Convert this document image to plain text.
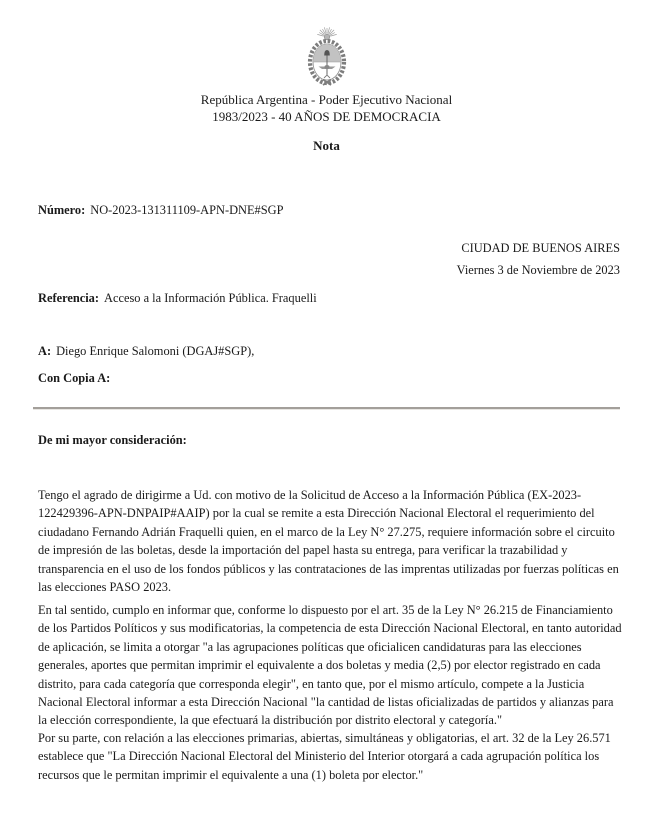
República Argentina - Poder Ejecutivo Nacional
1983/2023 - 40 AÑOS DE DEMOCRACIA
Nota
Número: NO-2023-131311109-APN-DNE#SGP
CIUDAD DE BUENOS AIRES
Viernes 3 de Noviembre de 2023
Referencia: Acceso a la Información Pública. Fraquelli
A: Diego Enrique Salomoni (DGAJ#SGP),
Con Copia A:
De mi mayor consideración:

Tengo el agrado de dirigirme a Ud. con motivo de la Solicitud de Acceso a la Información Pública (EX-2023-122429396-APN-DNPAIP#AAIP) por la cual se remite a esta Dirección Nacional Electoral el requerimiento del ciudadano Fernando Adrián Fraquelli quien, en el marco de la Ley N° 27.275, requiere información sobre el circuito de impresión de las boletas, desde la importación del papel hasta su entrega, para verificar la trazabilidad y transparencia en el uso de los fondos públicos y las contrataciones de las imprentas utilizadas por fuerzas políticas en las elecciones PASO 2023.

En tal sentido, cumplo en informar que, conforme lo dispuesto por el art. 35 de la Ley N° 26.215 de Financiamiento de los Partidos Políticos y sus modificatorias, la competencia de esta Dirección Nacional Electoral, en tanto autoridad de aplicación, se limita a otorgar "a las agrupaciones políticas que oficialicen candidaturas para las elecciones generales, aportes que permitan imprimir el equivalente a dos boletas y media (2,5) por elector registrado en cada distrito, para cada categoría que corresponda elegir", en tanto que, por el mismo artículo, compete a la Justicia Nacional Electoral informar a esta Dirección Nacional "la cantidad de listas oficializadas de partidos y alianzas para la elección correspondiente, la que efectuará la distribución por distrito electoral y categoría."

Por su parte, con relación a las elecciones primarias, abiertas, simultáneas y obligatorias, el art. 32 de la Ley 26.571 establece que "La Dirección Nacional Electoral del Ministerio del Interior otorgará a cada agrupación política los recursos que le permitan imprimir el equivalente a una (1) boleta por elector."
